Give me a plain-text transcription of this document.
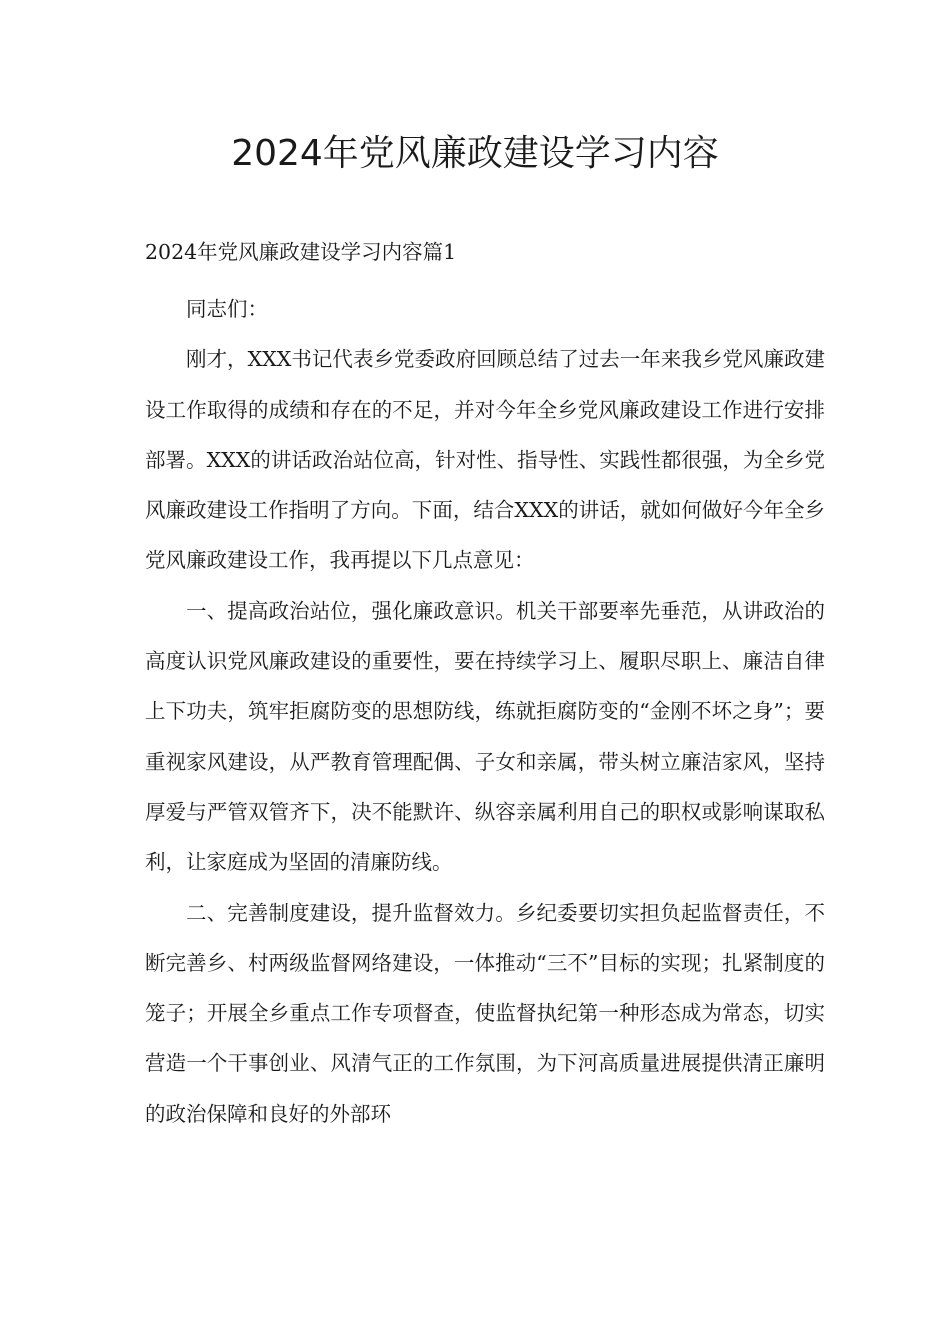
2024年党风廉政建设学习内容

2024年党风廉政建设学习内容篇1

同志们：

刚才，XXX书记代表乡党委政府回顾总结了过去一年来我乡党风廉政建设工作取得的成绩和存在的不足，并对今年全乡党风廉政建设工作进行安排部署。XXX的讲话政治站位高，针对性、指导性、实践性都很强，为全乡党风廉政建设工作指明了方向。下面，结合XXX的讲话，就如何做好今年全乡党风廉政建设工作，我再提以下几点意见：

一、提高政治站位，强化廉政意识。机关干部要率先垂范，从讲政治的高度认识党风廉政建设的重要性，要在持续学习上、履职尽职上、廉洁自律上下功夫，筑牢拒腐防变的思想防线，练就拒腐防变的“金刚不坏之身”；要重视家风建设，从严教育管理配偶、子女和亲属，带头树立廉洁家风，坚持厚爱与严管双管齐下，决不能默许、纵容亲属利用自己的职权或影响谋取私利，让家庭成为坚固的清廉防线。

二、完善制度建设，提升监督效力。乡纪委要切实担负起监督责任，不断完善乡、村两级监督网络建设，一体推动“三不”目标的实现；扎紧制度的笼子；开展全乡重点工作专项督查，使监督执纪第一种形态成为常态，切实营造一个干事创业、风清气正的工作氛围，为下河高质量进展提供清正廉明的政治保障和良好的外部环
